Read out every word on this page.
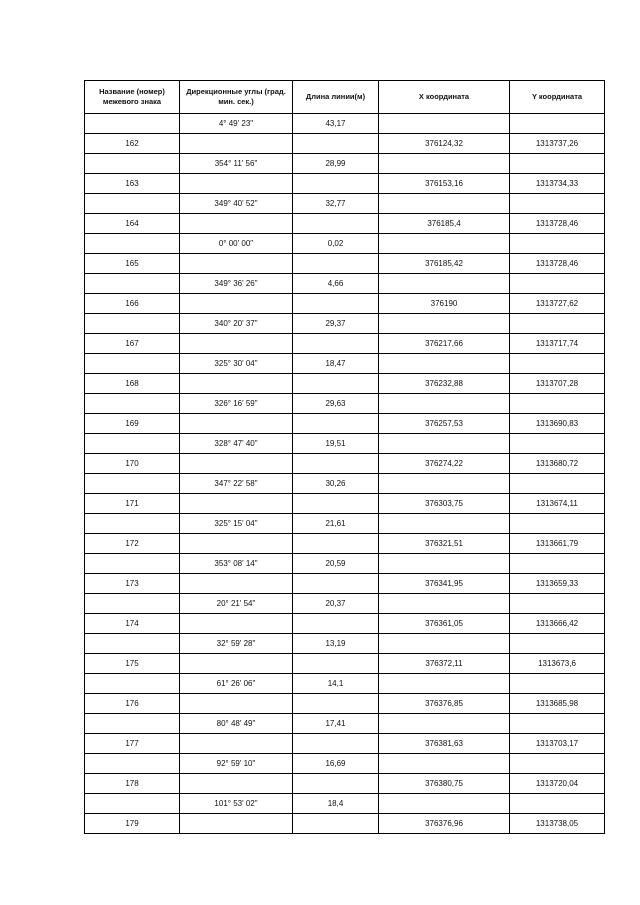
Название (номер) межевого знака	Дирекционные углы (град. мин. сек.)	Длина линии(м)	X координата	Y координата
	4° 49' 23"	43,17		
162			376124,32	1313737,26
	354° 11' 56"	28,99		
163			376153,16	1313734,33
	349° 40' 52"	32,77		
164			376185,4	1313728,46
	0° 00' 00"	0,02		
165			376185,42	1313728,46
	349° 36' 26"	4,66		
166			376190	1313727,62
	340° 20' 37"	29,37		
167			376217,66	1313717,74
	325° 30' 04"	18,47		
168			376232,88	1313707,28
	326° 16' 59"	29,63		
169			376257,53	1313690,83
	328° 47' 40"	19,51		
170			376274,22	1313680,72
	347° 22' 58"	30,26		
171			376303,75	1313674,11
	325° 15' 04"	21,61		
172			376321,51	1313661,79
	353° 08' 14"	20,59		
173			376341,95	1313659,33
	20° 21' 54"	20,37		
174			376361,05	1313666,42
	32° 59' 28"	13,19		
175			376372,11	1313673,6
	61° 26' 06"	14,1		
176			376376,85	1313685,98
	80° 48' 49"	17,41		
177			376381,63	1313703,17
	92° 59' 10"	16,69		
178			376380,75	1313720,04
	101° 53' 02"	18,4		
179			376376,96	1313738,05
